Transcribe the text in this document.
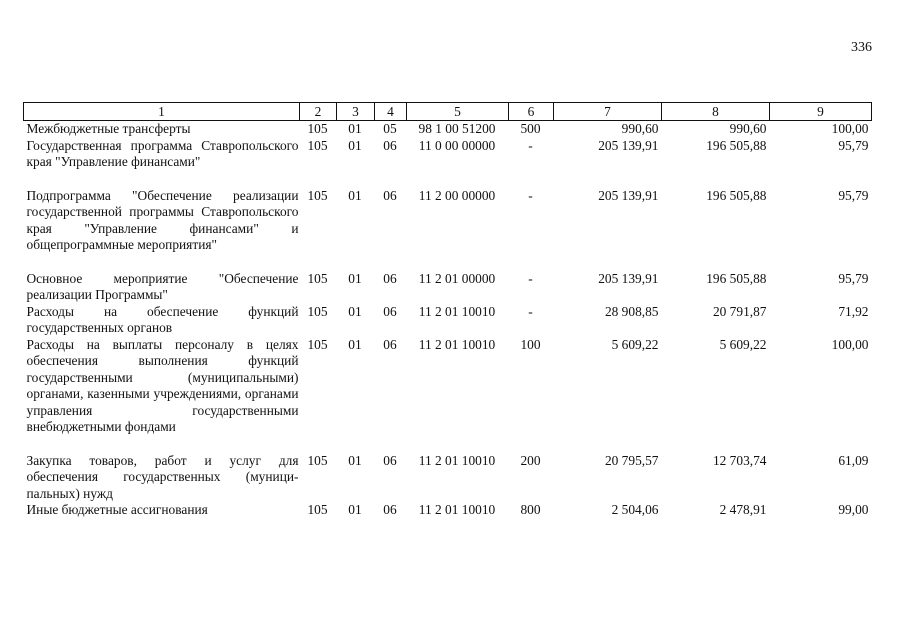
336
1	2	3	4	5	6	7	8	9
Межбюджетные трансферты	105	01	05	98 1 00 51200	500	990,60	990,60	100,00
Государственная программа Ставропольского края "Управление финансами"	105	01	06	11 0 00 00000	-	205 139,91	196 505,88	95,79
Подпрограмма "Обеспечение реализации государственной программы Ставропольского края "Управление финансами" и общепрограммные мероприятия"	105	01	06	11 2 00 00000	-	205 139,91	196 505,88	95,79
Основное мероприятие "Обеспечение реализации Программы"	105	01	06	11 2 01 00000	-	205 139,91	196 505,88	95,79
Расходы на обеспечение функций государственных органов	105	01	06	11 2 01 10010	-	28 908,85	20 791,87	71,92
Расходы на выплаты персоналу в целях обеспечения выполнения функций государственными (муниципальными) органами, казенными учреждениями, органами управления государственными внебюджетными фондами	105	01	06	11 2 01 10010	100	5 609,22	5 609,22	100,00
Закупка товаров, работ и услуг для обеспечения государственных (муниципальных) нужд	105	01	06	11 2 01 10010	200	20 795,57	12 703,74	61,09
Иные бюджетные ассигнования	105	01	06	11 2 01 10010	800	2 504,06	2 478,91	99,00
